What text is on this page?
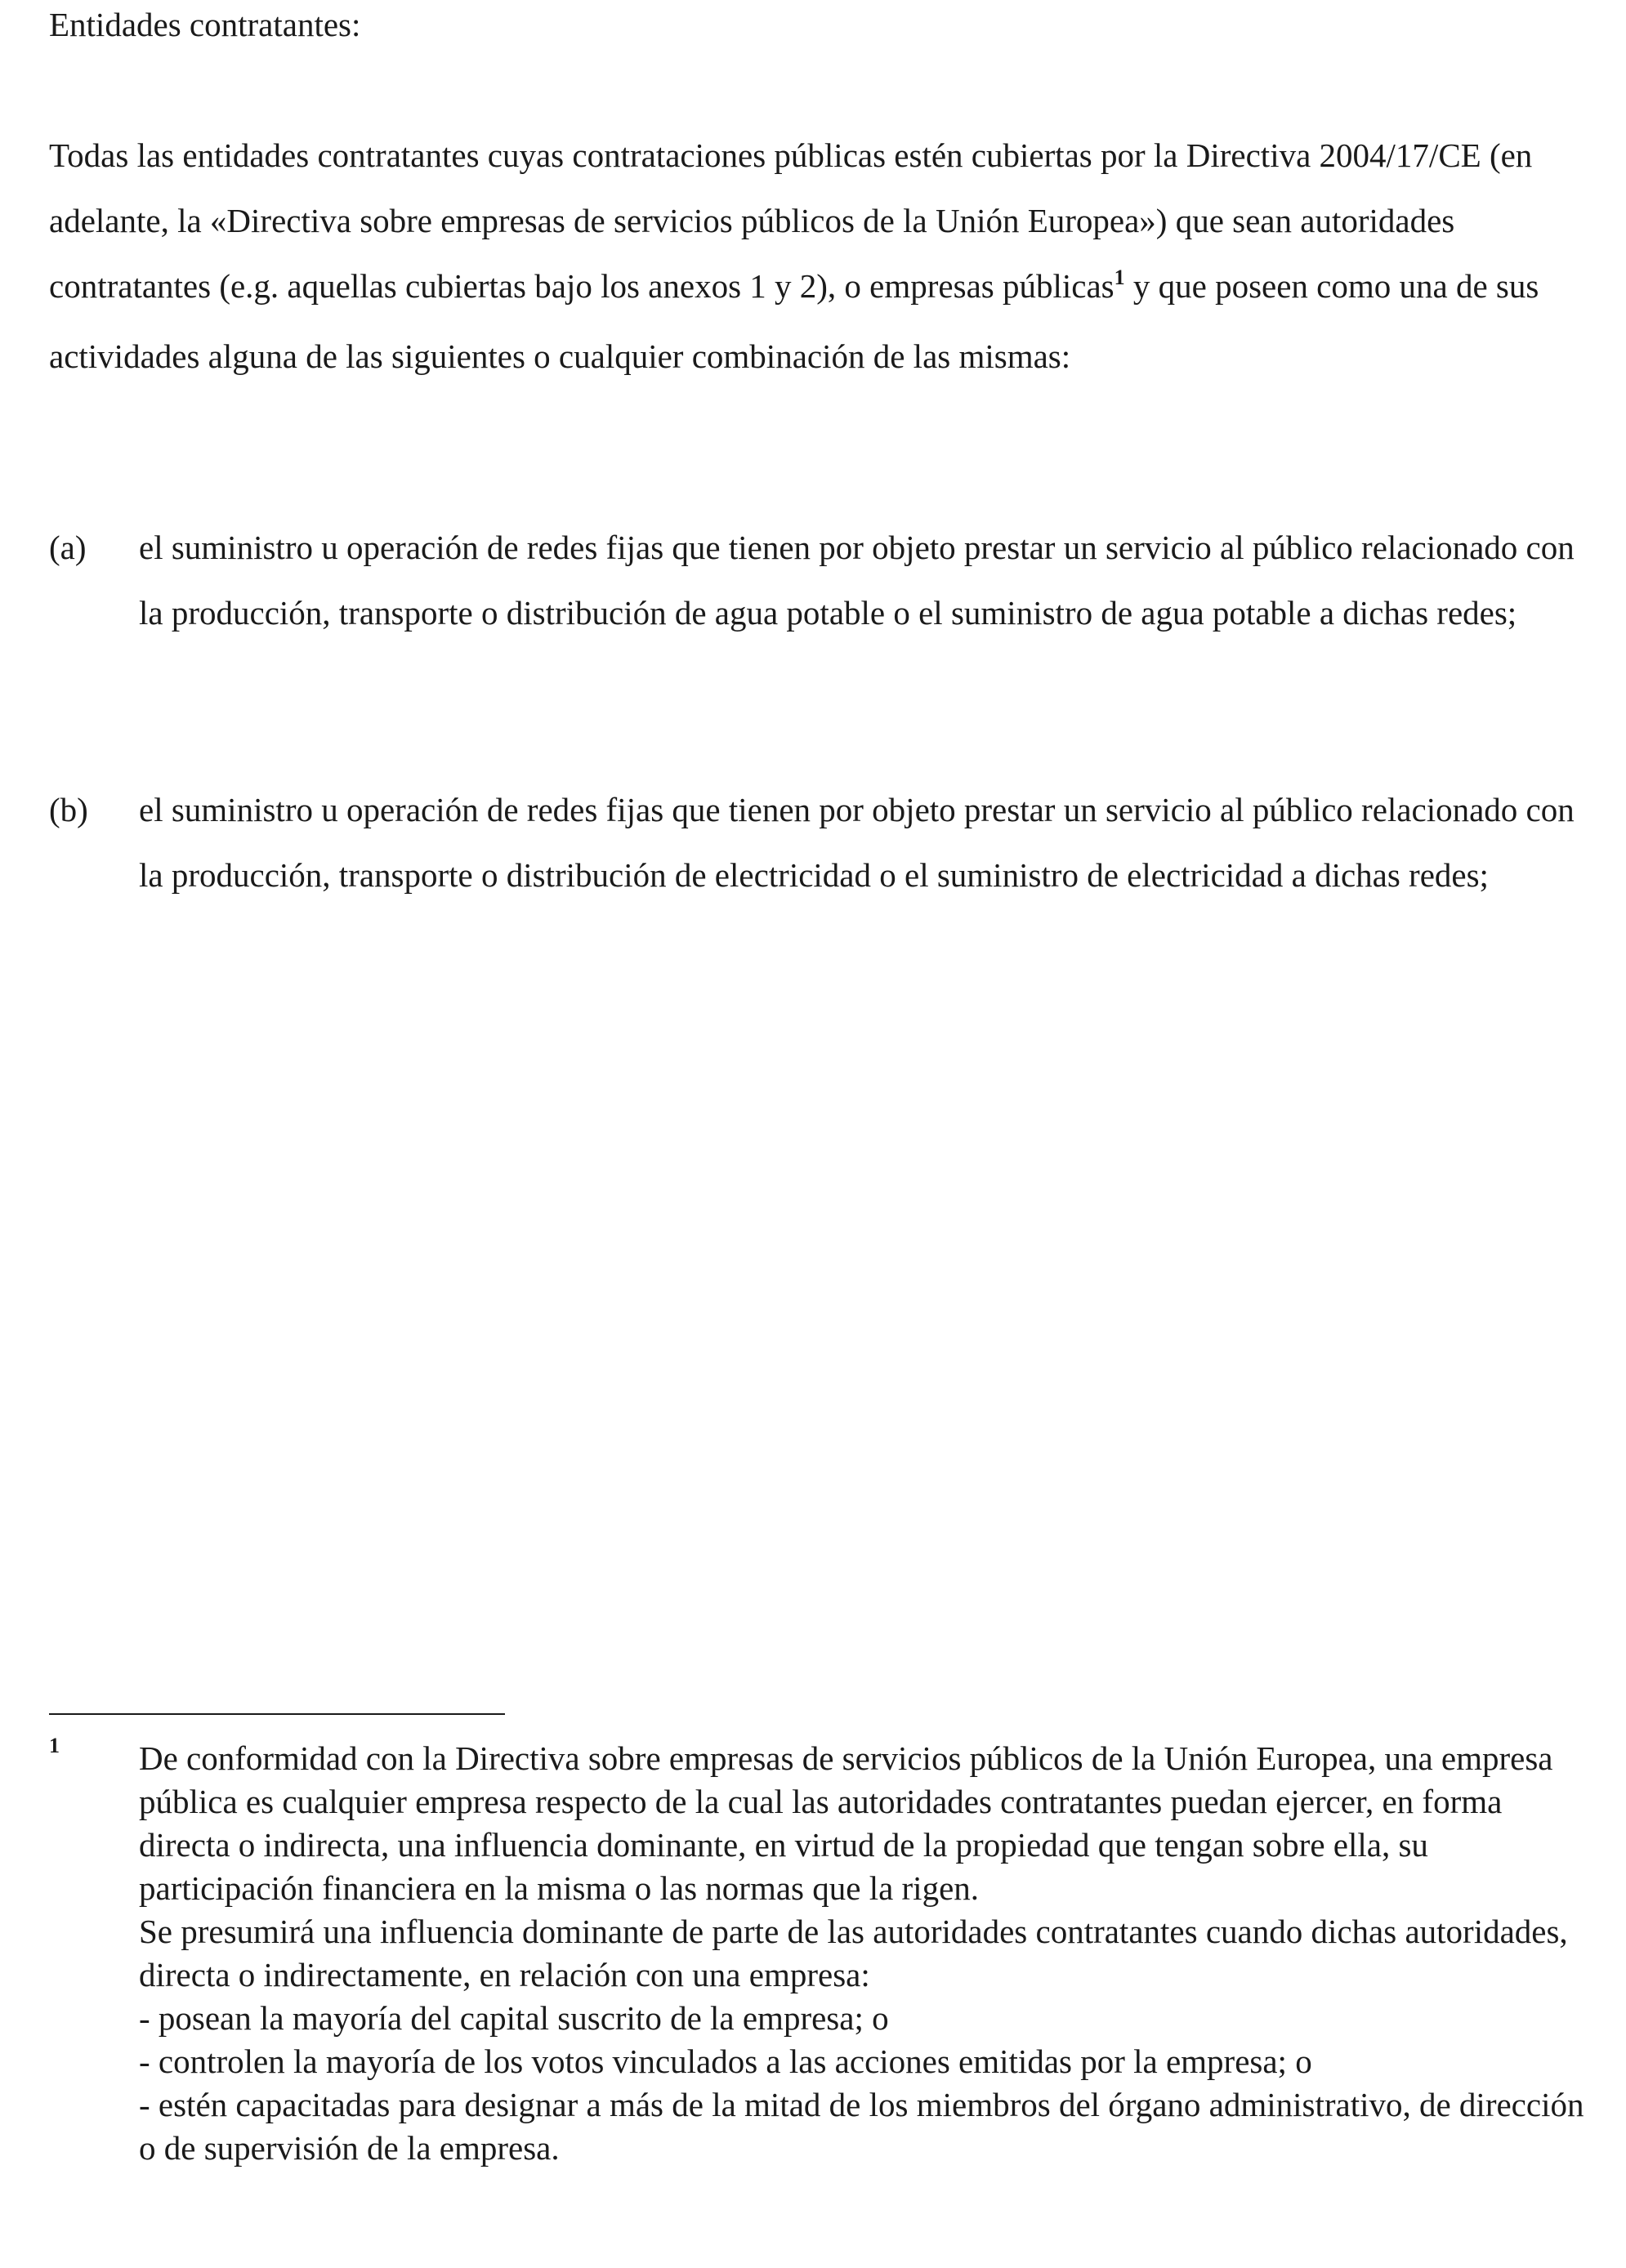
Entidades contratantes:

Todas las entidades contratantes cuyas contrataciones públicas estén cubiertas por la Directiva 2004/17/CE (en adelante, la «Directiva sobre empresas de servicios públicos de la Unión Europea») que sean autoridades contratantes (e.g. aquellas cubiertas bajo los anexos 1 y 2), o empresas públicas$^1$ y que poseen como una de sus actividades alguna de las siguientes o cualquier combinación de las mismas:

(a) el suministro u operación de redes fijas que tienen por objeto prestar un servicio al público relacionado con la producción, transporte o distribución de agua potable o el suministro de agua potable a dichas redes;

(b) el suministro u operación de redes fijas que tienen por objeto prestar un servicio al público relacionado con la producción, transporte o distribución de electricidad o el suministro de electricidad a dichas redes;

1 De conformidad con la Directiva sobre empresas de servicios públicos de la Unión Europea, una empresa pública es cualquier empresa respecto de la cual las autoridades contratantes puedan ejercer, en forma directa o indirecta, una influencia dominante, en virtud de la propiedad que tengan sobre ella, su participación financiera en la misma o las normas que la rigen.

Se presumirá una influencia dominante de parte de las autoridades contratantes cuando dichas autoridades, directa o indirectamente, en relación con una empresa:

- posean la mayoría del capital suscrito de la empresa; o

- controlen la mayoría de los votos vinculados a las acciones emitidas por la empresa; o

- estén capacitadas para designar a más de la mitad de los miembros del órgano administrativo, de dirección o de supervisión de la empresa.
